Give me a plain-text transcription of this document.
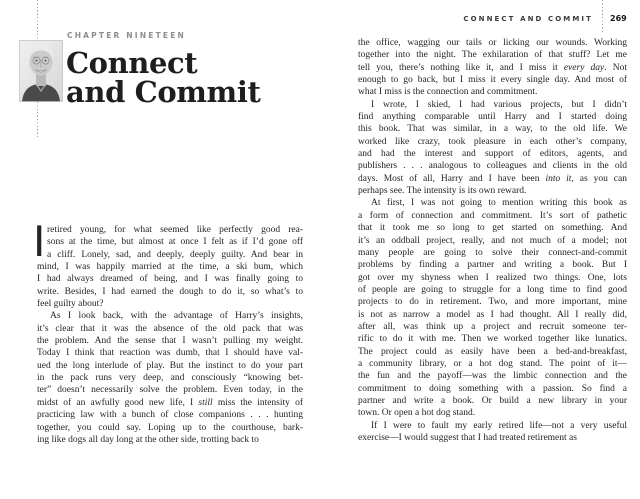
CHAPTER NINETEEN
Connect
and Commit
I retired young, for what seemed like perfectly good rea-
sons at the time, but almost at once I felt as if I’d gone off
a cliff. Lonely, sad, and deeply, deeply guilty. And bear in
mind, I was happily married at the time, a ski bum, which
I had always dreamed of being, and I was finally going to
write. Besides, I had earned the dough to do it, so what’s to
feel guilty about?
As I look back, with the advantage of Harry’s insights,
it’s clear that it was the absence of the old pack that was
the problem. And the sense that I wasn’t pulling my weight.
Today I think that reaction was dumb, that I should have val-
ued the long interlude of play. But the instinct to do your part
in the pack runs very deep, and consciously “knowing bet-
ter” doesn’t necessarily solve the problem. Even today, in the
midst of an awfully good new life, I still miss the intensity of
practicing law with a bunch of close companions . . . hunting
together, you could say. Loping up to the courthouse, bark-
ing like dogs all day long at the other side, trotting back to
CONNECT AND COMMIT 269
the office, wagging our tails or licking our wounds. Working
together into the night. The exhilaration of that stuff? Let me
tell you, there’s nothing like it, and I miss it every day. Not
enough to go back, but I miss it every single day. And most of
what I miss is the connection and commitment.
I wrote, I skied, I had various projects, but I didn’t
find anything comparable until Harry and I started doing
this book. That was similar, in a way, to the old life. We
worked like crazy, took pleasure in each other’s company,
and had the interest and support of editors, agents, and
publishers . . . analogous to colleagues and clients in the old
days. Most of all, Harry and I have been into it, as you can
perhaps see. The intensity is its own reward.
At first, I was not going to mention writing this book as
a form of connection and commitment. It’s sort of pathetic
that it took me so long to get started on something. And
it’s an oddball project, really, and not much of a model; not
many people are going to solve their connect-and-commit
problems by finding a partner and writing a book. But I
got over my shyness when I realized two things. One, lots
of people are going to struggle for a long time to find good
projects to do in retirement. Two, and more important, mine
is not as narrow a model as I had thought. All I really did,
after all, was think up a project and recruit someone ter-
rific to do it with me. Then we worked together like lunatics.
The project could as easily have been a bed-and-breakfast,
a community library, or a hot dog stand. The point of it—
the fun and the payoff—was the limbic connection and the
commitment to doing something with a passion. So find a
partner and write a book. Or build a new library in your
town. Or open a hot dog stand.
If I were to fault my early retired life—not a very useful
exercise—I would suggest that I had treated retirement as
